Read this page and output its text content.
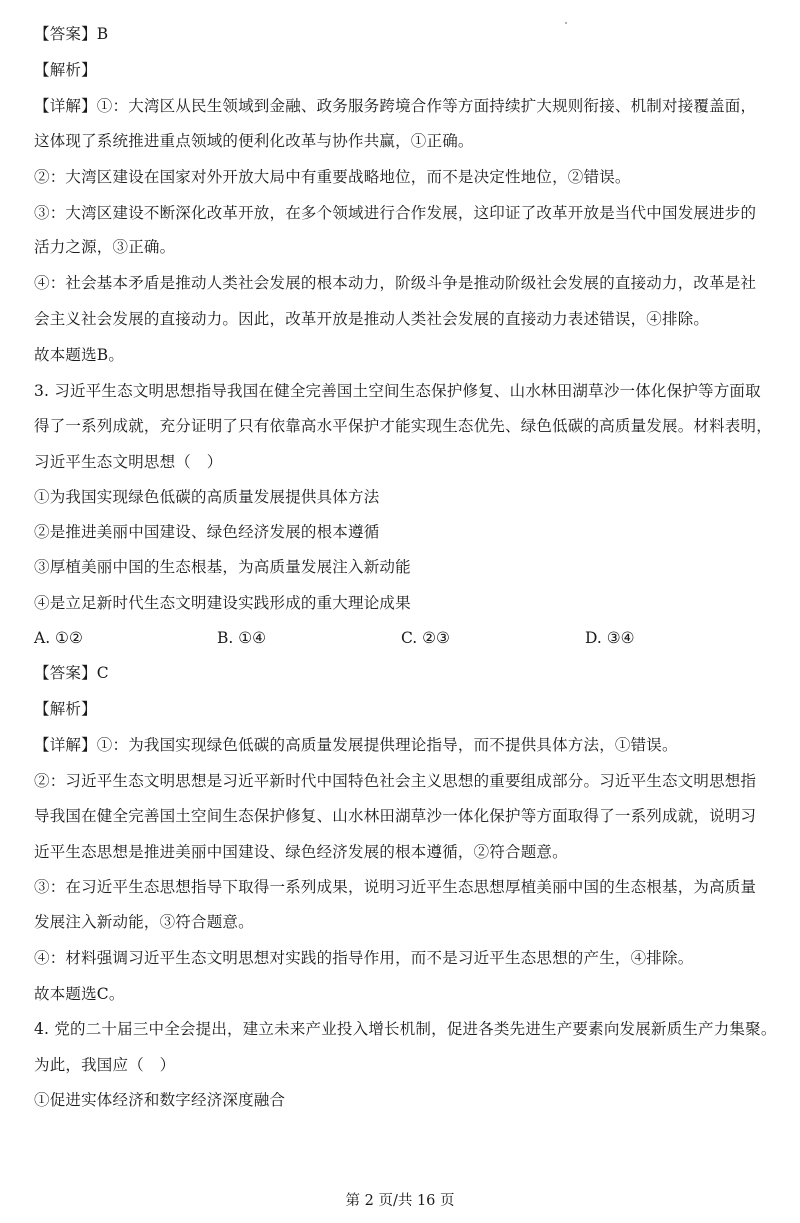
【答案】B
【解析】
【详解】①：大湾区从民生领域到金融、政务服务跨境合作等方面持续扩大规则衔接、机制对接覆盖面，
这体现了系统推进重点领域的便利化改革与协作共赢，①正确。
②：大湾区建设在国家对外开放大局中有重要战略地位，而不是决定性地位，②错误。
③：大湾区建设不断深化改革开放，在多个领域进行合作发展，这印证了改革开放是当代中国发展进步的
活力之源，③正确。
④：社会基本矛盾是推动人类社会发展的根本动力，阶级斗争是推动阶级社会发展的直接动力，改革是社
会主义社会发展的直接动力。因此，改革开放是推动人类社会发展的直接动力表述错误，④排除。
故本题选B。
3. 习近平生态文明思想指导我国在健全完善国土空间生态保护修复、山水林田湖草沙一体化保护等方面取
得了一系列成就，充分证明了只有依靠高水平保护才能实现生态优先、绿色低碳的高质量发展。材料表明，
习近平生态文明思想（　）
①为我国实现绿色低碳的高质量发展提供具体方法
②是推进美丽中国建设、绿色经济发展的根本遵循
③厚植美丽中国的生态根基，为高质量发展注入新动能
④是立足新时代生态文明建设实践形成的重大理论成果
A. ①②	B. ①④	C. ②③	D. ③④
【答案】C
【解析】
【详解】①：为我国实现绿色低碳的高质量发展提供理论指导，而不提供具体方法，①错误。
②：习近平生态文明思想是习近平新时代中国特色社会主义思想的重要组成部分。习近平生态文明思想指
导我国在健全完善国土空间生态保护修复、山水林田湖草沙一体化保护等方面取得了一系列成就，说明习
近平生态思想是推进美丽中国建设、绿色经济发展的根本遵循，②符合题意。
③：在习近平生态思想指导下取得一系列成果，说明习近平生态思想厚植美丽中国的生态根基，为高质量
发展注入新动能，③符合题意。
④：材料强调习近平生态文明思想对实践的指导作用，而不是习近平生态思想的产生，④排除。
故本题选C。
4. 党的二十届三中全会提出，建立未来产业投入增长机制，促进各类先进生产要素向发展新质生产力集聚。
为此，我国应（　）
①促进实体经济和数字经济深度融合
第 2 页/共 16 页
